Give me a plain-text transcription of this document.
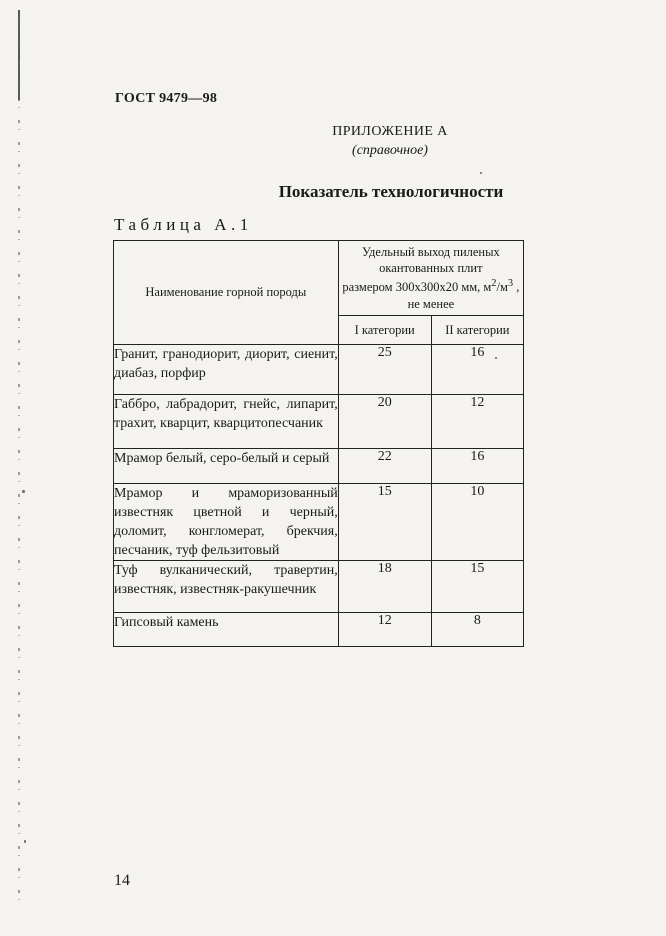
ГОСТ 9479—98
ПРИЛОЖЕНИЕ А
(справочное)
Показатель технологичности
Таблица А.1
Наименование горной породы	Удельный выход пиленых
окантованных плит
размером 300х300х20 мм, $м^2/м^3$ ,
не менее	

	I категории	II категории
Гранит, гранодиорит, диорит, сиенит, диабаз, порфир	25	16
Габбро, лабрадорит, гнейс, липарит, трахит, кварцит, кварцитопесчаник	20	12
Мрамор белый, серо-белый и серый	22	16
Мрамор и мраморизованный известняк цветной и черный, доломит, конгломерат, брекчия, песчаник, туф фельзитовый	15	10
Туф вулканический, травертин, известняк, известняк-ракушечник	18	15
Гипсовый камень	12	8
14
